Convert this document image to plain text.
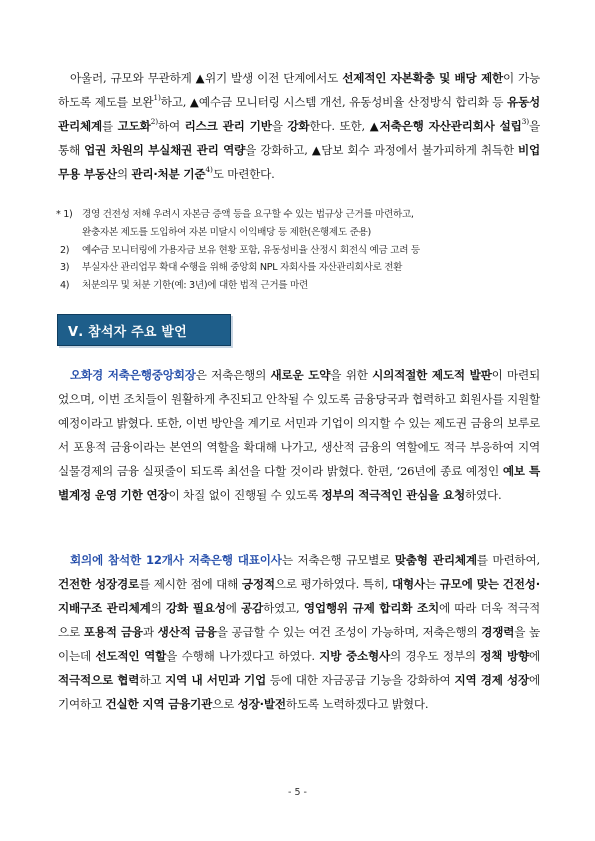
아울러, 규모와 무관하게 ▲위기 발생 이전 단계에서도 선제적인 자본확충 및 배당 제한이 가능하도록 제도를 보완$^{1)}$하고, ▲예수금 모니터링 시스템 개선, 유동성비율 산정방식 합리화 등 유동성 관리체계를 고도화$^{2)}$하여 리스크 관리 기반을 강화한다. 또한, ▲저축은행 자산관리회사 설립$^{3)}$을 통해 업권 차원의 부실채권 관리 역량을 강화하고, ▲담보 회수 과정에서 불가피하게 취득한 비업무용 부동산의 관리·처분 기준$^{4)}$도 마련한다.

* 1) 경영 건전성 저해 우려시 자본금 증액 등을 요구할 수 있는 법규상 근거를 마련하고,
완충자본 제도를 도입하여 자본 미달시 이익배당 등 제한(은행제도 준용)
2) 예수금 모니터링에 가용자금 보유 현황 포함, 유동성비율 산정시 회전식 예금 고려 등
3) 부실자산 관리업무 확대 수행을 위해 중앙회 NPL 자회사를 자산관리회사로 전환
4) 처분의무 및 처분 기한(예: 3년)에 대한 법적 근거를 마련
Ⅴ. 참석자 주요 발언

오화경 저축은행중앙회장은 저축은행의 새로운 도약을 위한 시의적절한 제도적 발판이 마련되었으며, 이번 조치들이 원활하게 추진되고 안착될 수 있도록 금융당국과 협력하고 회원사를 지원할 예정이라고 밝혔다. 또한, 이번 방안을 계기로 서민과 기업이 의지할 수 있는 제도권 금융의 보루로서 포용적 금융이라는 본연의 역할을 확대해 나가고, 생산적 금융의 역할에도 적극 부응하여 지역 실물경제의 금융 실핏줄이 되도록 최선을 다할 것이라 밝혔다. 한편, ‘26년에 종료 예정인 예보 특별계정 운영 기한 연장이 차질 없이 진행될 수 있도록 정부의 적극적인 관심을 요청하였다.

회의에 참석한 12개사 저축은행 대표이사는 저축은행 규모별로 맞춤형 관리체계를 마련하여, 건전한 성장경로를 제시한 점에 대해 긍정적으로 평가하였다. 특히, 대형사는 규모에 맞는 건전성·지배구조 관리체계의 강화 필요성에 공감하였고, 영업행위 규제 합리화 조치에 따라 더욱 적극적으로 포용적 금융과 생산적 금융을 공급할 수 있는 여건 조성이 가능하며, 저축은행의 경쟁력을 높이는데 선도적인 역할을 수행해 나가겠다고 하였다. 지방 중소형사의 경우도 정부의 정책 방향에 적극적으로 협력하고 지역 내 서민과 기업 등에 대한 자금공급 기능을 강화하여 지역 경제 성장에 기여하고 건실한 지역 금융기관으로 성장·발전하도록 노력하겠다고 밝혔다.

- 5 -
